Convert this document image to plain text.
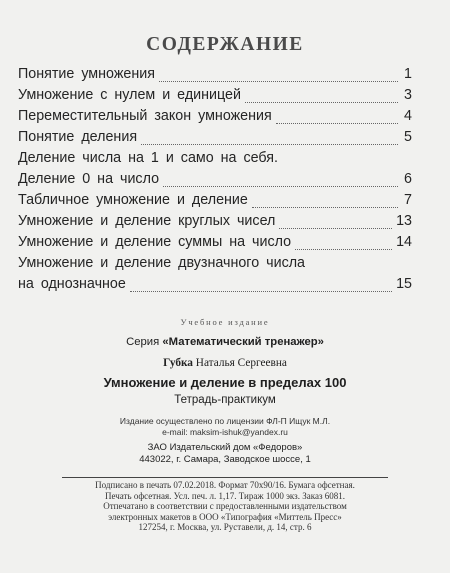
СОДЕРЖАНИЕ
Понятие умножения	1
Умножение с нулем и единицей	3
Переместительный закон умножения	4
Понятие деления	5
Деление числа на 1 и само на себя.
Деление 0 на число	6
Табличное умножение и деление	7
Умножение и деление круглых чисел	13
Умножение и деление суммы на число	14
Умножение и деление двузначного числа
на однозначное	15
Учебное издание
Серия «Математический тренажер»
Губка Наталья Сергеевна
Умножение и деление в пределах 100
Тетрадь-практикум
Издание осуществлено по лицензии ФЛ-П Ищук М.Л.
e-mail: maksim-ishuk@yandex.ru
ЗАО Издательский дом «Федоров»
443022, г. Самара, Заводское шоссе, 1
Подписано в печать 07.02.2018. Формат 70х90/16. Бумага офсетная.
Печать офсетная. Усл. печ. л. 1,17. Тираж 1000 экз. Заказ 6081.
Отпечатано в соответствии с предоставленными издательством
электронных макетов в ООО «Типография «Миттель Пресс»
127254, г. Москва, ул. Руставели, д. 14, стр. 6
